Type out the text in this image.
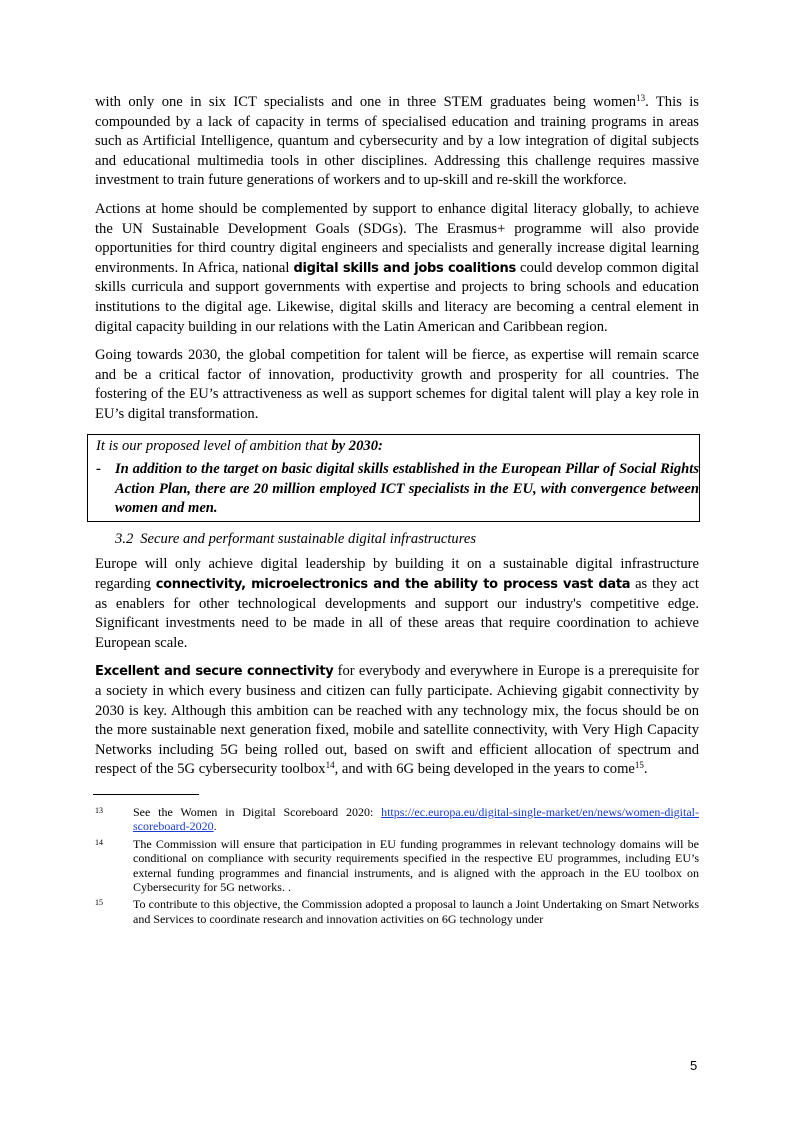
with only one in six ICT specialists and one in three STEM graduates being women$^{13}$. This is compounded by a lack of capacity in terms of specialised education and training programs in areas such as Artificial Intelligence, quantum and cybersecurity and by a low integration of digital subjects and educational multimedia tools in other disciplines. Addressing this challenge requires massive investment to train future generations of workers and to up-skill and re-skill the workforce.

Actions at home should be complemented by support to enhance digital literacy globally, to achieve the UN Sustainable Development Goals (SDGs). The Erasmus+ programme will also provide opportunities for third country digital engineers and specialists and generally increase digital learning environments. In Africa, national digital skills and jobs coalitions could develop common digital skills curricula and support governments with expertise and projects to bring schools and education institutions to the digital age. Likewise, digital skills and literacy are becoming a central element in digital capacity building in our relations with the Latin American and Caribbean region.

Going towards 2030, the global competition for talent will be fierce, as expertise will remain scarce and be a critical factor of innovation, productivity growth and prosperity for all countries. The fostering of the EU’s attractiveness as well as support schemes for digital talent will play a key role in EU’s digital transformation.

It is our proposed level of ambition that by 2030:
- In addition to the target on basic digital skills established in the European Pillar of Social Rights Action Plan, there are 20 million employed ICT specialists in the EU, with convergence between women and men.
3.2 Secure and performant sustainable digital infrastructures

Europe will only achieve digital leadership by building it on a sustainable digital infrastructure regarding connectivity, microelectronics and the ability to process vast data as they act as enablers for other technological developments and support our industry's competitive edge. Significant investments need to be made in all of these areas that require coordination to achieve European scale.

Excellent and secure connectivity for everybody and everywhere in Europe is a prerequisite for a society in which every business and citizen can fully participate. Achieving gigabit connectivity by 2030 is key. Although this ambition can be reached with any technology mix, the focus should be on the more sustainable next generation fixed, mobile and satellite connectivity, with Very High Capacity Networks including 5G being rolled out, based on swift and efficient allocation of spectrum and respect of the 5G cybersecurity toolbox$^{14}$, and with 6G being developed in the years to come$^{15}$.

13	See the Women in Digital Scoreboard 2020: https://ec.europa.eu/digital-single-market/en/news/women-digital-scoreboard-2020.
14	The Commission will ensure that participation in EU funding programmes in relevant technology domains will be conditional on compliance with security requirements specified in the respective EU programmes, including EU’s external funding programmes and financial instruments, and is aligned with the approach in the EU toolbox on Cybersecurity for 5G networks. .
15	To contribute to this objective, the Commission adopted a proposal to launch a Joint Undertaking on Smart Networks and Services to coordinate research and innovation activities on 6G technology under
5
